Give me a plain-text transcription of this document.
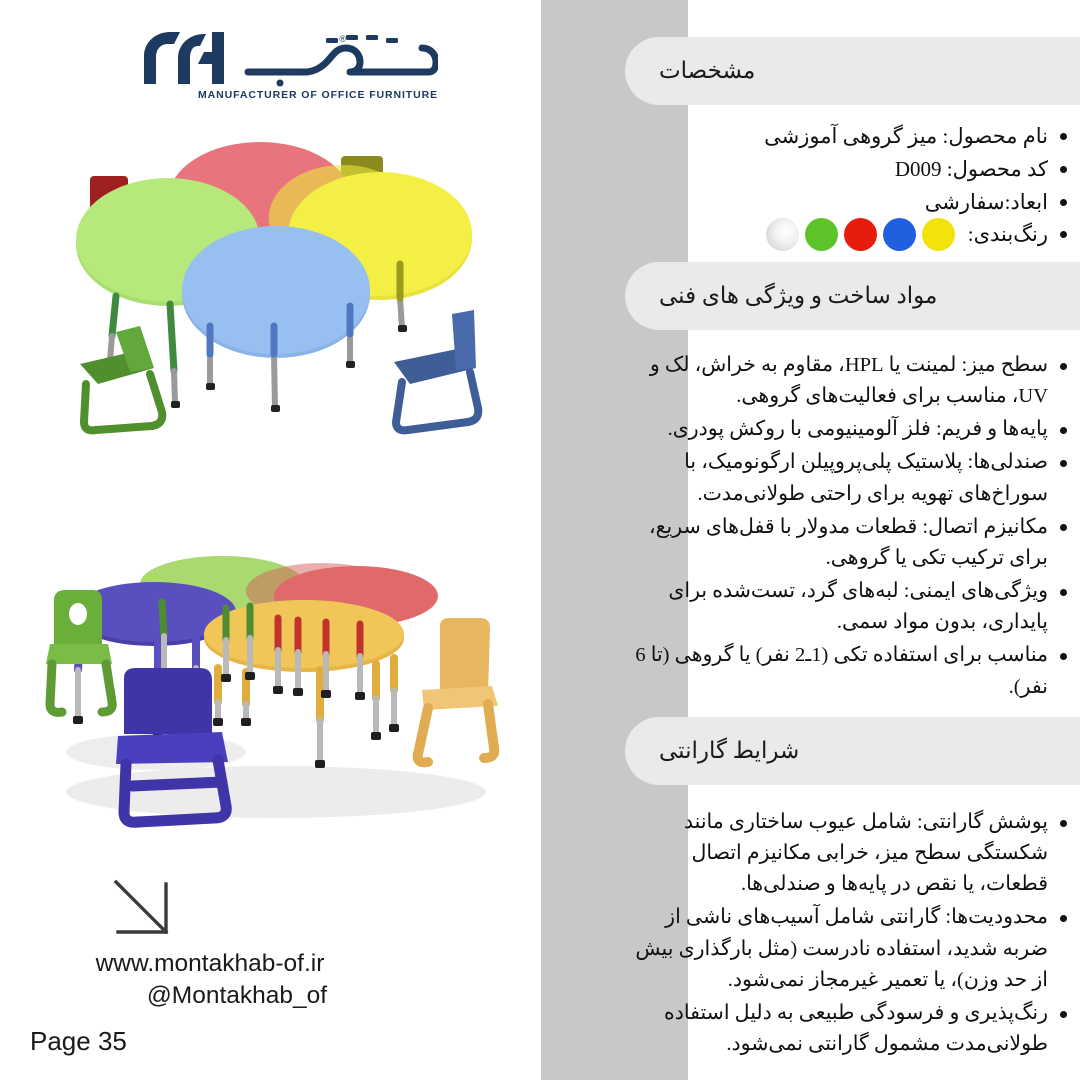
®
MANUFACTURER OF OFFICE FURNITURE
www.montakhab-of.ir
@Montakhab_of
Page 35
مشخصات
نام محصول: میز گروهی آموزشی
کد محصول: D009
ابعاد:سفارشی
رنگ‌بندی:
مواد ساخت و ویژگی های فنی
سطح میز: لمینت یا HPL، مقاوم به خراش، لک و UV، مناسب برای فعالیت‌های گروهی.
پایه‌ها و فریم: فلز آلومینیومی با روکش پودری.
صندلی‌ها: پلاستیک پلی‌پروپیلن ارگونومیک، با سوراخ‌های تهویه برای راحتی طولانی‌مدت.
مکانیزم اتصال: قطعات مدولار با قفل‌های سریع، برای ترکیب تکی یا گروهی.
ویژگی‌های ایمنی: لبه‌های گرد، تست‌شده برای پایداری، بدون مواد سمی.
مناسب برای استفاده تکی (1ـ2 نفر) یا گروهی (تا 6 نفر).
شرایط گارانتی
پوشش گارانتی: شامل عیوب ساختاری مانند شکستگی سطح میز، خرابی مکانیزم اتصال قطعات، یا نقص در پایه‌ها و صندلی‌ها.
محدودیت‌ها: گارانتی شامل آسیب‌های ناشی از ضربه شدید، استفاده نادرست (مثل بارگذاری بیش از حد وزن)، یا تعمیر غیرمجاز نمی‌شود.
رنگ‌پذیری و فرسودگی طبیعی به دلیل استفاده طولانی‌مدت مشمول گارانتی نمی‌شود.
